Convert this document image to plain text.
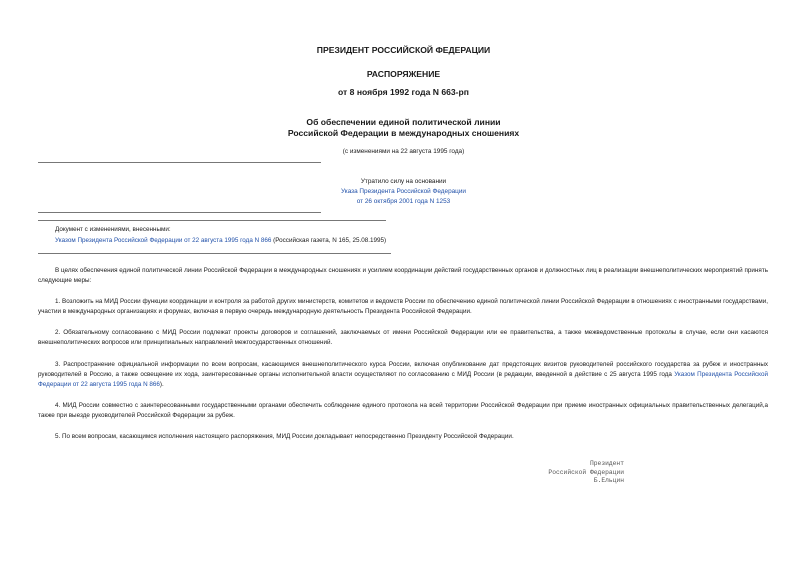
ПРЕЗИДЕНТ РОССИЙСКОЙ ФЕДЕРАЦИИ
РАСПОРЯЖЕНИЕ
от 8 ноября 1992 года N 663-рп
Об обеспечении единой политической линии
Российской Федерации в международных сношениях
(с изменениями на 22 августа 1995 года)
Утратило силу на основании
Указа Президента Российской Федерации
от 26 октября 2001 года N 1253
Документ с изменениями, внесенными:
Указом Президента Российской Федерации от 22 августа 1995 года N 866 (Российская газета, N 165, 25.08.1995)
В целях обеспечения единой политической линии Российской Федерации в международных сношениях и усилием координации действий государственных органов и должностных лиц в реализации внешнеполитических мероприятий принять следующие меры:
1. Возложить на МИД России функции координации и контроля за работой других министерств, комитетов и ведомств России по обеспечению единой политической линии Российской Федерации в отношениях с иностранными государствами, участии в международных организациях и форумах, включая в первую очередь международную деятельность Президента Российской Федерации.
2. Обязательному согласованию с МИД России подлежат проекты договоров и соглашений, заключаемых от имени Российской Федерации или ее правительства, а также межведомственные протоколы в случае, если они касаются внешнеполитических вопросов или принципиальных направлений межгосударственных отношений.
3. Распространение официальной информации по всем вопросам, касающимся внешнеполитического курса России, включая опубликование дат предстоящих визитов руководителей российского государства за рубеж и иностранных руководителей в Россию, а также освещение их хода, заинтересованные органы исполнительной власти осуществляют по согласованию с МИД России (в редакции, введенной в действие с 25 августа 1995 года Указом Президента Российской Федерации от 22 августа 1995 года N 866).
4. МИД России совместно с заинтересованными государственными органами обеспечить соблюдение единого протокола на всей территории Российской Федерации при приеме иностранных официальных правительственных делегаций,а также при выезде руководителей Российской Федерации за рубеж.
5. По всем вопросам, касающимся исполнения настоящего распоряжения, МИД России докладывает непосредственно Президенту Российской Федерации.
Президент
Российской Федерации
Б.Ельцин
